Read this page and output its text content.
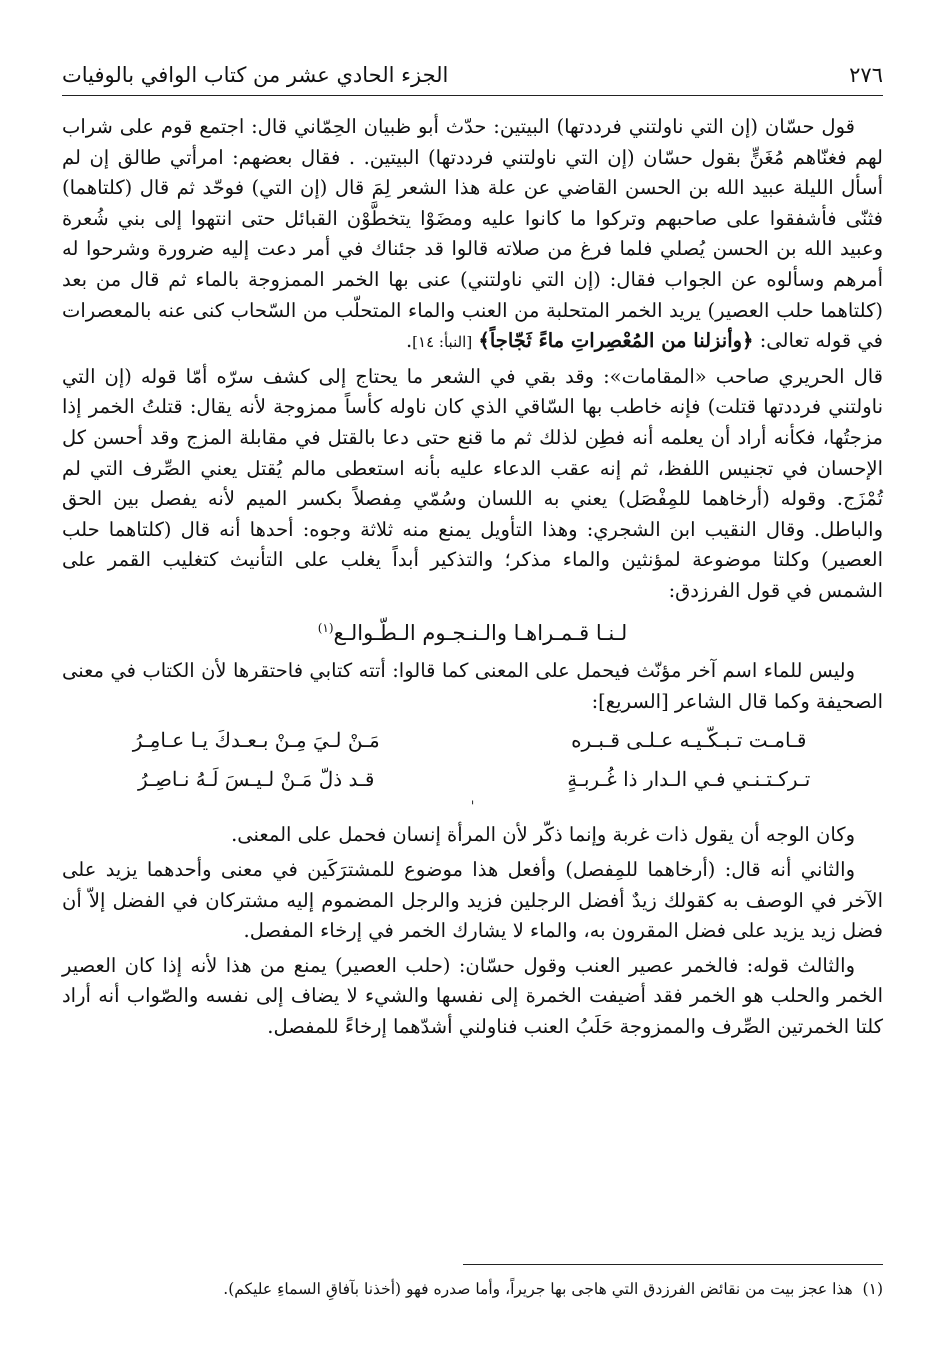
٢٧٦
الجزء الحادي عشر من كتاب الوافي بالوفيات

قول حسّان (إن التي ناولتني فرددتها) البيتين: حدّث أبو ظبيان الحِمّاني قال: اجتمع قوم على شراب لهم فغنّاهم مُغَنٍّ بقول حسّان (إن التي ناولتني فرددتها) البيتين. . فقال بعضهم: امرأتي طالق إن لم أسأل الليلة عبيد الله بن الحسن القاضي عن علة هذا الشعر لِمَ قال (إن التي) فوحّد ثم قال (كلتاهما) فثنّى فأشفقوا على صاحبهم وتركوا ما كانوا عليه ومضَوْا يتخطَّوْن القبائل حتى انتهوا إلى بني شُعرة وعبيد الله بن الحسن يُصلي فلما فرغ من صلاته قالوا قد جئناك في أمر دعت إليه ضرورة وشرحوا له أمرهم وسألوه عن الجواب فقال: (إن التي ناولتني) عنى بها الخمر الممزوجة بالماء ثم قال من بعد (كلتاهما حلب العصير) يريد الخمر المتحلبة من العنب والماء المتحلّب من السّحاب كنى عنه بالمعصرات في قوله تعالى: ﴿وأنزلنا من المُعْصِراتِ ماءً ثَجّاجاً﴾ [النبأ: ١٤].

قال الحريري صاحب «المقامات»: وقد بقي في الشعر ما يحتاج إلى كشف سرّه أمّا قوله (إن التي ناولتني فرددتها قتلت) فإنه خاطب بها السّاقي الذي كان ناوله كأساً ممزوجة لأنه يقال: قتلتُ الخمر إذا مزجتُها، فكأنه أراد أن يعلمه أنه فطِن لذلك ثم ما قنع حتى دعا بالقتل في مقابلة المزج وقد أحسن كل الإحسان في تجنيس اللفظ، ثم إنه عقب الدعاء عليه بأنه استعطى مالم يُقتل يعني الصِّرف التي لم تُمْزَج. وقوله (أرخاهما للمِفْصَل) يعني به اللسان وسُمّي مِفصلاً بكسر الميم لأنه يفصل بين الحق والباطل. وقال النقيب ابن الشجري: وهذا التأويل يمنع منه ثلاثة وجوه: أحدها أنه قال (كلتاهما حلب العصير) وكلتا موضوعة لمؤنثين والماء مذكر؛ والتذكير أبداً يغلب على التأنيث كتغليب القمر على الشمس في قول الفرزدق:

لـنـا قـمـراهـا والـنـجـوم الـطّـوالـع$^{(١)}$

وليس للماء اسم آخر مؤنّث فيحمل على المعنى كما قالوا: أتته كتابي فاحتقرها لأن الكتاب في معنى الصحيفة وكما قال الشاعر [السريع]:

قـامـت تـبـكّـيـه عـلـى قـبـره
مَـنْ لـيَ مِـنْ بـعـدكَ يـا عـامِـرُ
تـركـتـنـي فـي الـدار ذا غُـربـةٍ
قـد ذلّ مَـنْ لـيـسَ لَـهُ نـاصِـرُ
'

وكان الوجه أن يقول ذات غربة وإنما ذكّر لأن المرأة إنسان فحمل على المعنى.

والثاني أنه قال: (أرخاهما للمِفصل) وأفعل هذا موضوع للمشترَكَين في معنى وأحدهما يزيد على الآخر في الوصف به كقولك زيدٌ أفضل الرجلين فزيد والرجل المضموم إليه مشتركان في الفضل إلاّ أن فضل زيد يزيد على فضل المقرون به، والماء لا يشارك الخمر في إرخاء المفصل.

والثالث قوله: فالخمر عصير العنب وقول حسّان: (حلب العصير) يمنع من هذا لأنه إذا كان العصير الخمر والحلب هو الخمر فقد أضيفت الخمرة إلى نفسها والشيء لا يضاف إلى نفسه والصّواب أنه أراد كلتا الخمرتين الصِّرف والممزوجة حَلَبُ العنب فناولني أشدّهما إرخاءً للمفصل.

(١)  هذا عجز بيت من نقائض الفرزدق التي هاجى بها جريراً، وأما صدره فهو (أخذنا بآفاقِ السماءِ عليكم).
